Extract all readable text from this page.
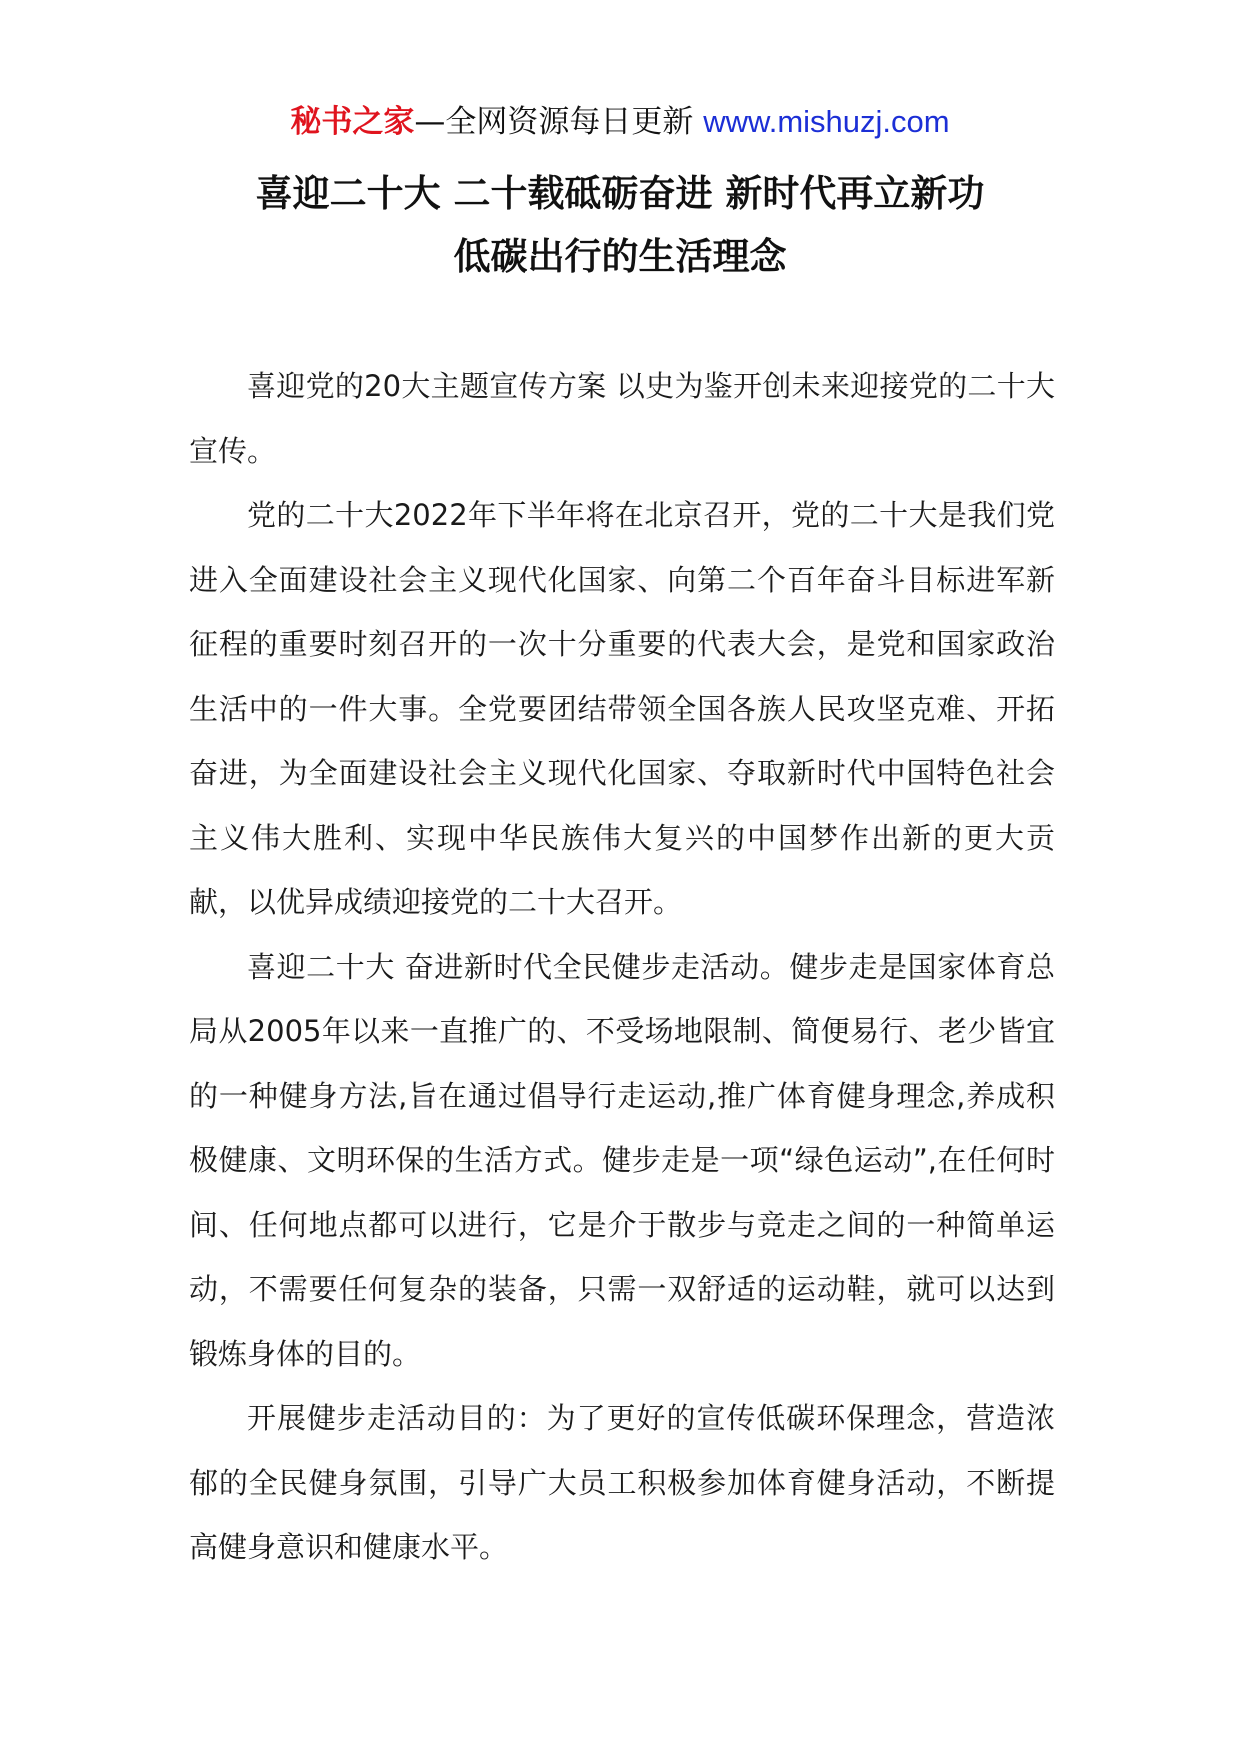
秘书之家—全网资源每日更新 www.mishuzj.com
喜迎二十大 二十载砥砺奋进 新时代再立新功
低碳出行的生活理念

喜迎党的20大主题宣传方案 以史为鉴开创未来迎接党的二十大宣传。

党的二十大2022年下半年将在北京召开，党的二十大是我们党进入全面建设社会主义现代化国家、向第二个百年奋斗目标进军新征程的重要时刻召开的一次十分重要的代表大会，是党和国家政治生活中的一件大事。全党要团结带领全国各族人民攻坚克难、开拓奋进，为全面建设社会主义现代化国家、夺取新时代中国特色社会主义伟大胜利、实现中华民族伟大复兴的中国梦作出新的更大贡献，以优异成绩迎接党的二十大召开。

喜迎二十大 奋进新时代全民健步走活动。健步走是国家体育总局从2005年以来一直推广的、不受场地限制、简便易行、老少皆宜的一种健身方法,旨在通过倡导行走运动,推广体育健身理念,养成积极健康、文明环保的生活方式。健步走是一项“绿色运动”,在任何时间、任何地点都可以进行，它是介于散步与竞走之间的一种简单运动，不需要任何复杂的装备，只需一双舒适的运动鞋，就可以达到锻炼身体的目的。

开展健步走活动目的：为了更好的宣传低碳环保理念，营造浓郁的全民健身氛围，引导广大员工积极参加体育健身活动，不断提高健身意识和健康水平。
